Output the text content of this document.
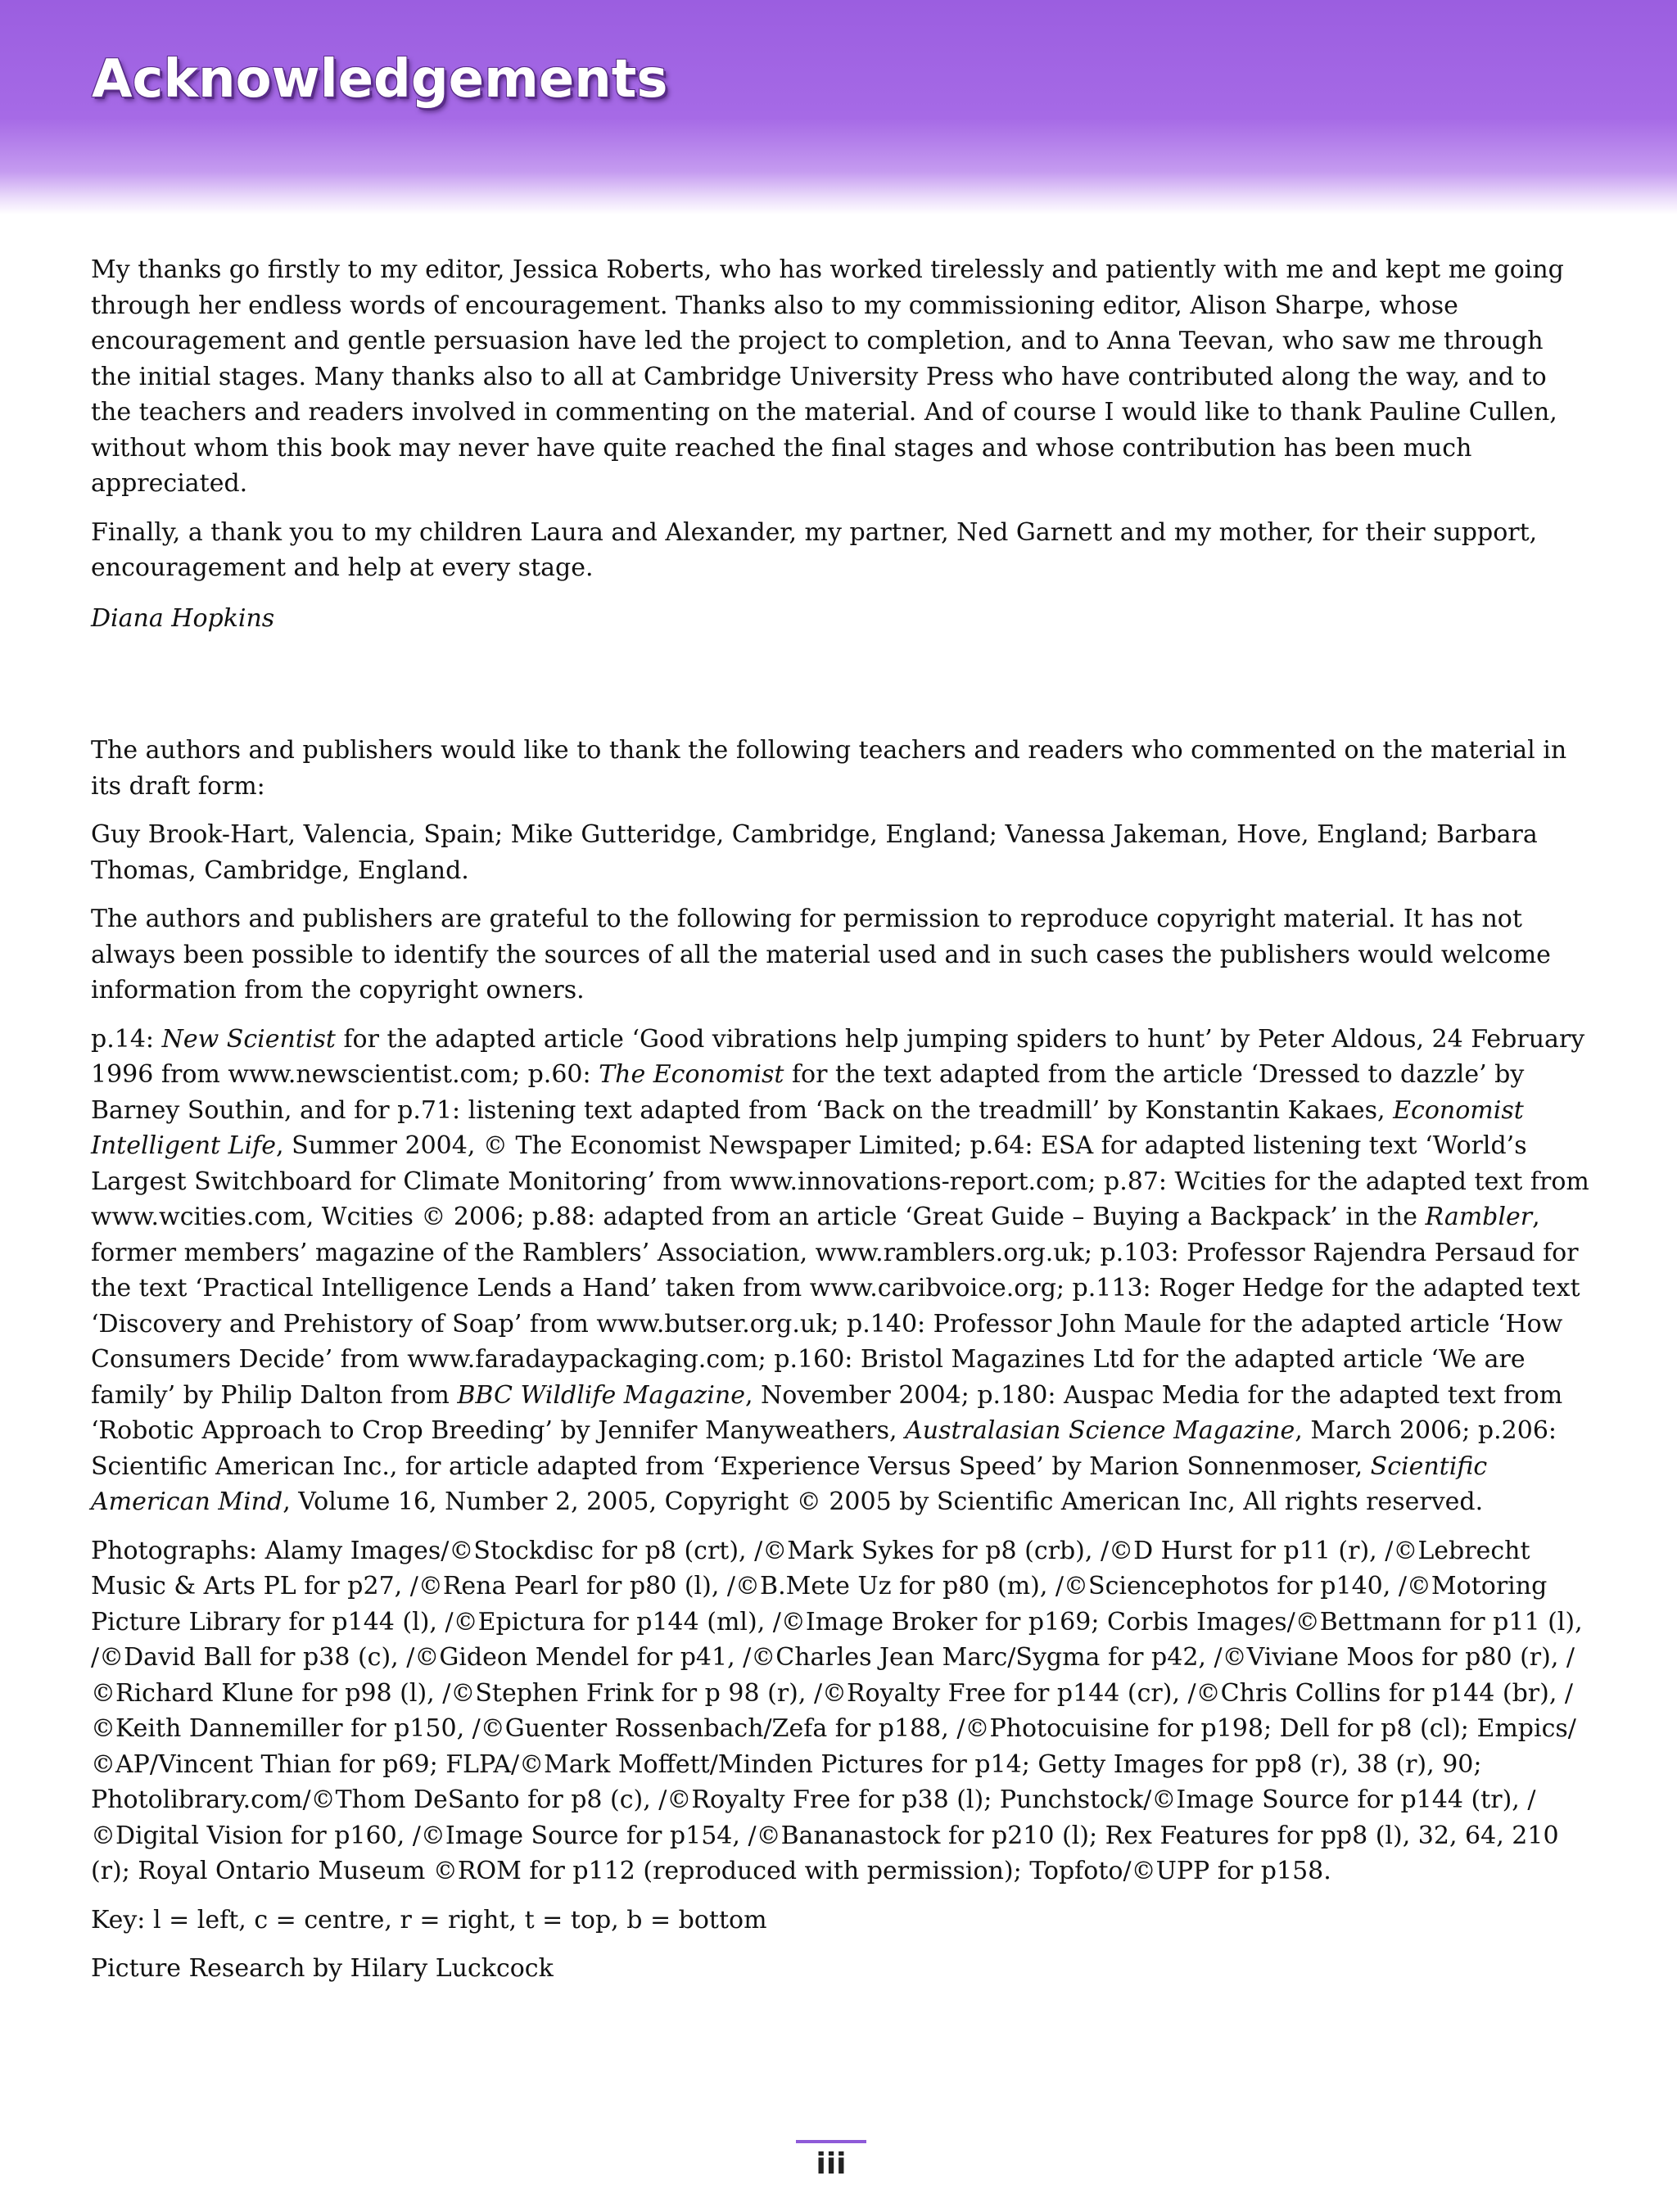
Acknowledgements

My thanks go firstly to my editor, Jessica Roberts, who has worked tirelessly and patiently with me and kept me going through her endless words of encouragement. Thanks also to my commissioning editor, Alison Sharpe, whose encouragement and gentle persuasion have led the project to completion, and to Anna Teevan, who saw me through the initial stages. Many thanks also to all at Cambridge University Press who have contributed along the way, and to the teachers and readers involved in commenting on the material. And of course I would like to thank Pauline Cullen, without whom this book may never have quite reached the final stages and whose contribution has been much appreciated.

Finally, a thank you to my children Laura and Alexander, my partner, Ned Garnett and my mother, for their support, encouragement and help at every stage.

Diana Hopkins

The authors and publishers would like to thank the following teachers and readers who commented on the material in its draft form:

Guy Brook-Hart, Valencia, Spain; Mike Gutteridge, Cambridge, England; Vanessa Jakeman, Hove, England; Barbara Thomas, Cambridge, England.

The authors and publishers are grateful to the following for permission to reproduce copyright material. It has not always been possible to identify the sources of all the material used and in such cases the publishers would welcome information from the copyright owners.

p.14: New Scientist for the adapted article ‘Good vibrations help jumping spiders to hunt’ by Peter Aldous, 24 February 1996 from www.newscientist.com; p.60: The Economist for the text adapted from the article ‘Dressed to dazzle’ by Barney Southin, and for p.71: listening text adapted from ‘Back on the treadmill’ by Konstantin Kakaes, Economist Intelligent Life, Summer 2004, © The Economist Newspaper Limited; p.64: ESA for adapted listening text ‘World’s Largest Switchboard for Climate Monitoring’ from www.innovations-report.com; p.87: Wcities for the adapted text from www.wcities.com, Wcities © 2006; p.88: adapted from an article ‘Great Guide – Buying a Backpack’ in the Rambler, former members’ magazine of the Ramblers’ Association, www.ramblers.org.uk; p.103: Professor Rajendra Persaud for the text ‘Practical Intelligence Lends a Hand’ taken from www.caribvoice.org; p.113: Roger Hedge for the adapted text ‘Discovery and Prehistory of Soap’ from www.butser.org.uk; p.140: Professor John Maule for the adapted article ‘How Consumers Decide’ from www.faradaypackaging.com; p.160: Bristol Magazines Ltd for the adapted article ‘We are family’ by Philip Dalton from BBC Wildlife Magazine, November 2004; p.180: Auspac Media for the adapted text from ‘Robotic Approach to Crop Breeding’ by Jennifer Manyweathers, Australasian Science Magazine, March 2006; p.206: Scientific American Inc., for article adapted from ‘Experience Versus Speed’ by Marion Sonnenmoser, Scientific American Mind, Volume 16, Number 2, 2005, Copyright © 2005 by Scientific American Inc, All rights reserved.

Photographs: Alamy Images/©Stockdisc for p8 (crt), /©Mark Sykes for p8 (crb), /©D Hurst for p11 (r), /©Lebrecht Music & Arts PL for p27, /©Rena Pearl for p80 (l), /©B.Mete Uz for p80 (m), /©Sciencephotos for p140, /©Motoring Picture Library for p144 (l), /©Epictura for p144 (ml), /©Image Broker for p169; Corbis Images/©Bettmann for p11 (l), /©David Ball for p38 (c), /©Gideon Mendel for p41, /©Charles Jean Marc/Sygma for p42, /©Viviane Moos for p80 (r), /©Richard Klune for p98 (l), /©Stephen Frink for p 98 (r), /©Royalty Free for p144 (cr), /©Chris Collins for p144 (br), /©Keith Dannemiller for p150, /©Guenter Rossenbach/Zefa for p188, /©Photocuisine for p198; Dell for p8 (cl); Empics/©AP/Vincent Thian for p69; FLPA/©Mark Moffett/Minden Pictures for p14; Getty Images for pp8 (r), 38 (r), 90; Photolibrary.com/©Thom DeSanto for p8 (c), /©Royalty Free for p38 (l); Punchstock/©Image Source for p144 (tr), /©Digital Vision for p160, /©Image Source for p154, /©Bananastock for p210 (l); Rex Features for pp8 (l), 32, 64, 210 (r); Royal Ontario Museum ©ROM for p112 (reproduced with permission); Topfoto/©UPP for p158.

Key: l = left, c = centre, r = right, t = top, b = bottom

Picture Research by Hilary Luckcock

iii
